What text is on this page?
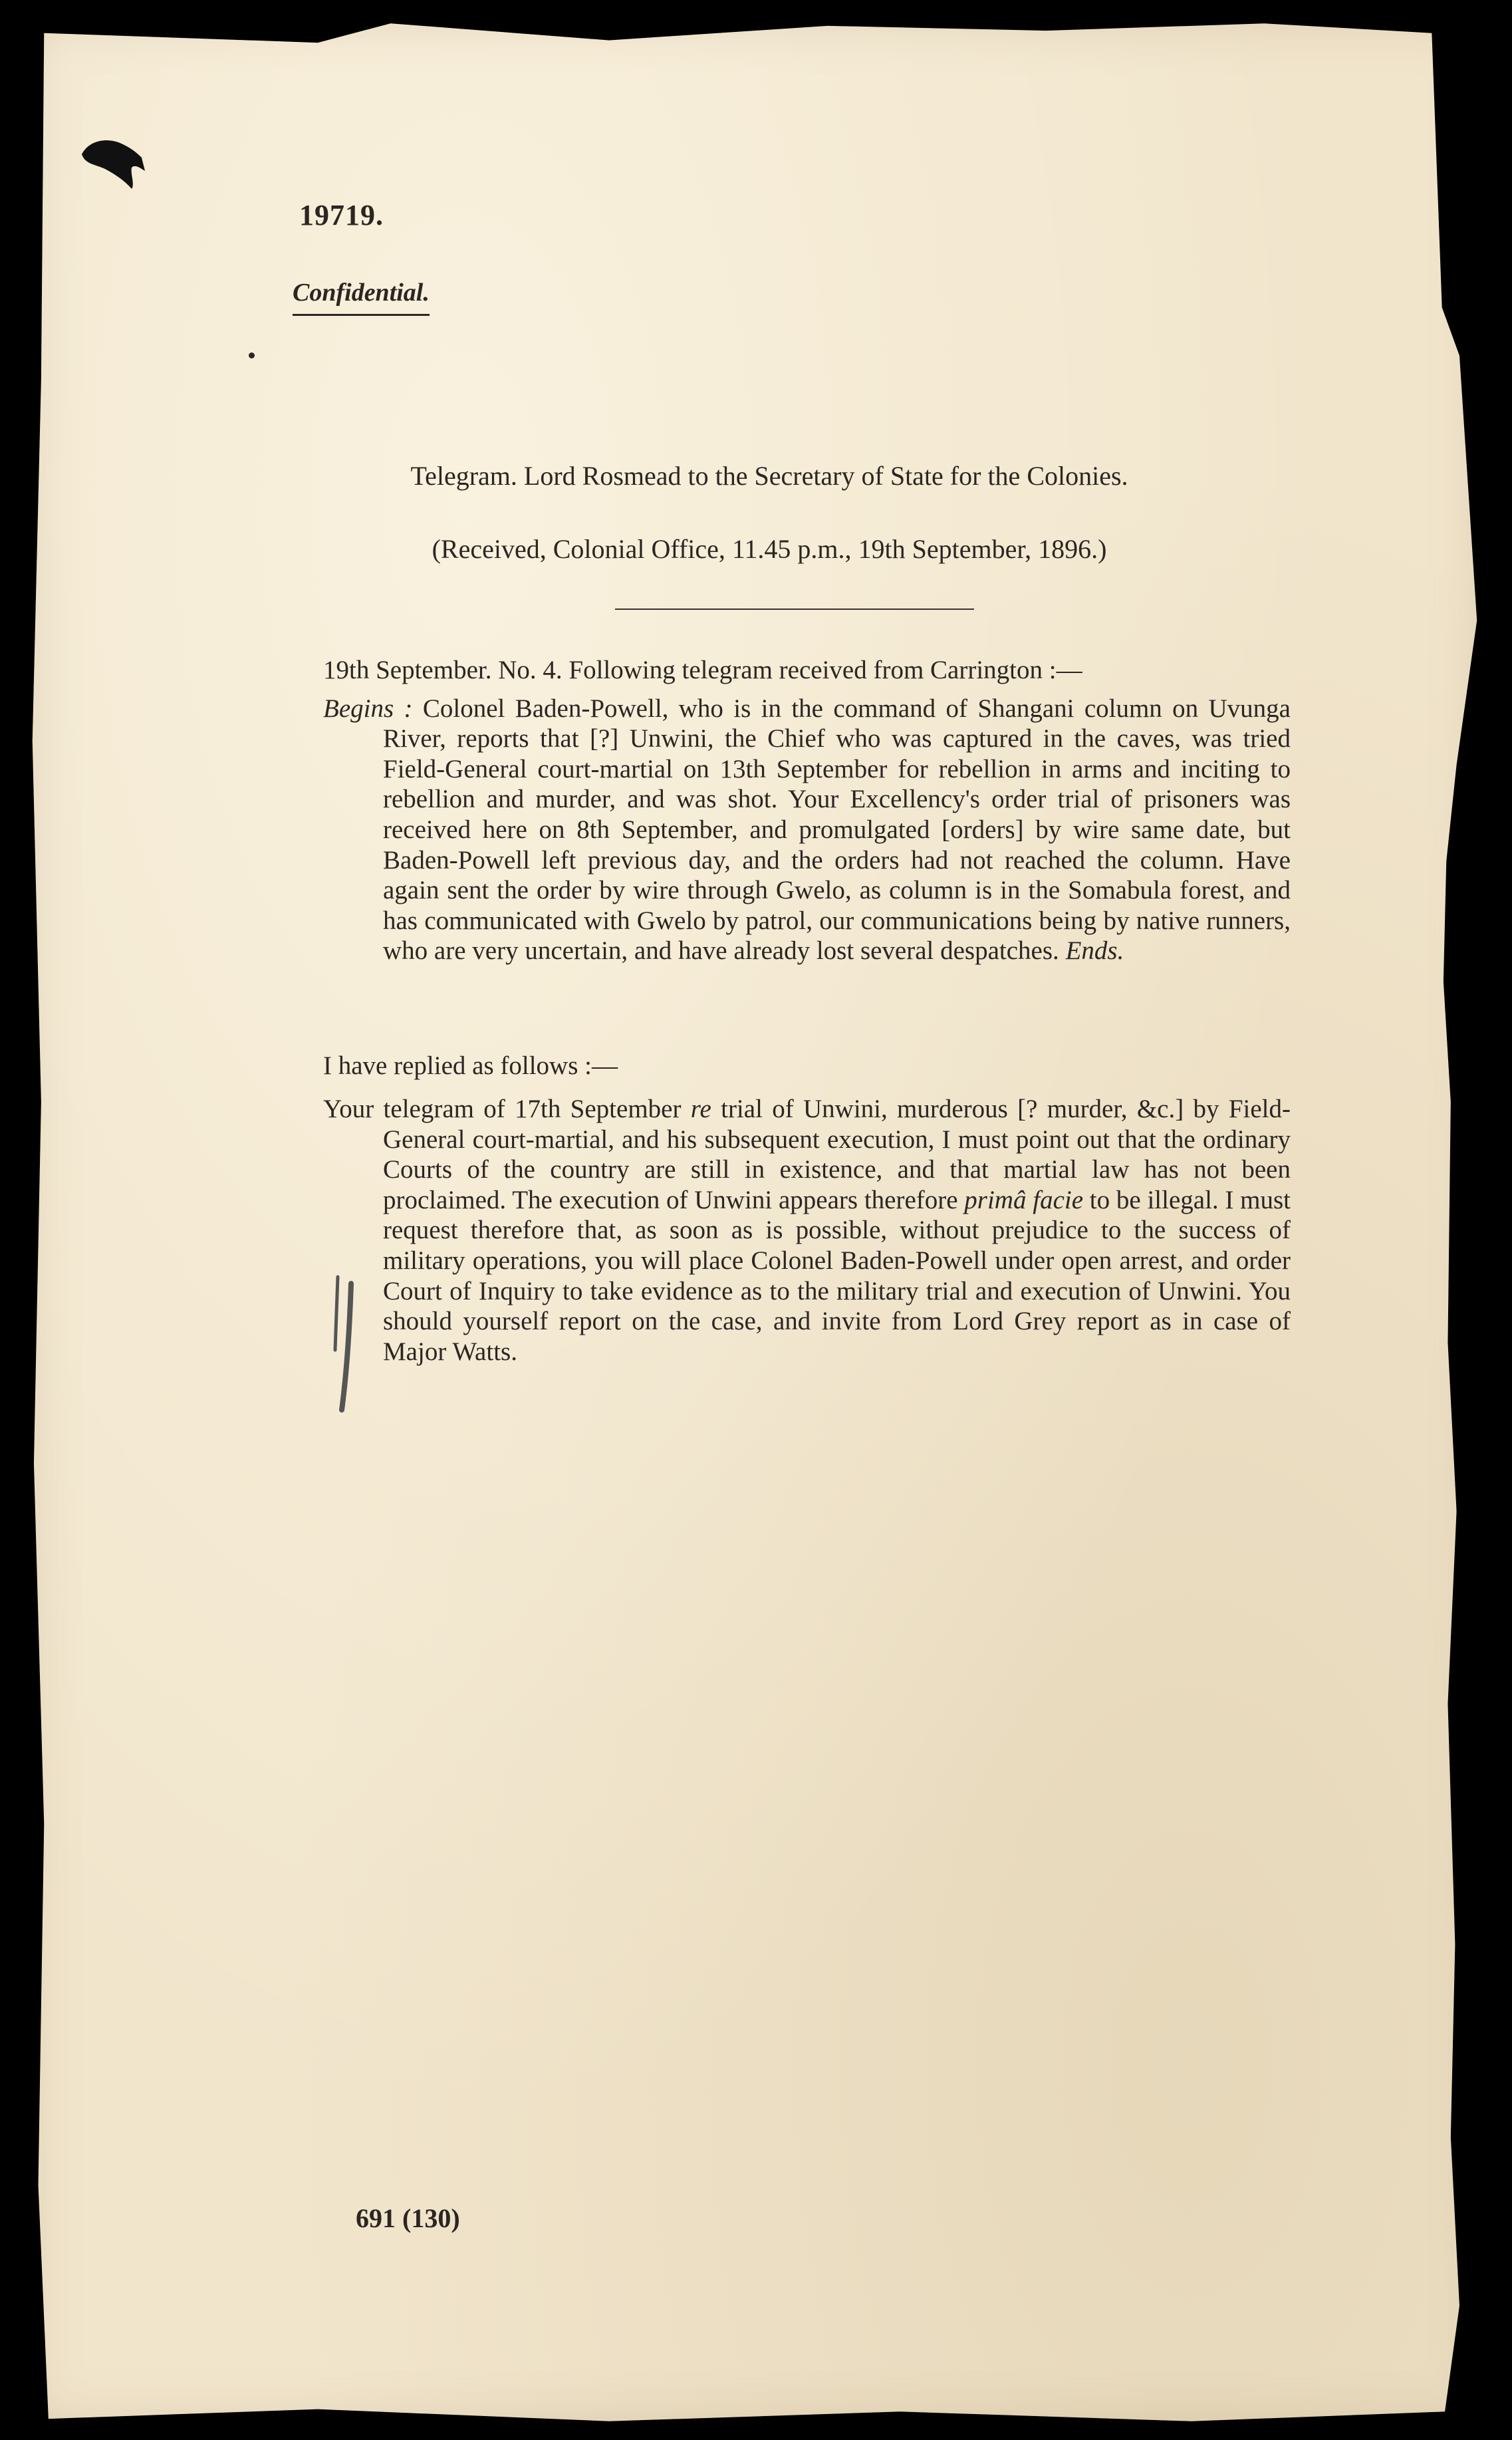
19719.
Confidential.
Telegram. Lord Rosmead to the Secretary of State for the Colonies.
(Received, Colonial Office, 11.45 p.m., 19th September, 1896.)

19th September. No. 4. Following telegram received from Carrington :—

Begins : Colonel Baden-Powell, who is in the command of Shangani column on Uvunga River, reports that [?] Unwini, the Chief who was captured in the caves, was tried Field-General court-martial on 13th September for rebellion in arms and inciting to rebellion and murder, and was shot. Your Excellency's order trial of prisoners was received here on 8th September, and promulgated [orders] by wire same date, but Baden-Powell left previous day, and the orders had not reached the column. Have again sent the order by wire through Gwelo, as column is in the Somabula forest, and has communicated with Gwelo by patrol, our communications being by native runners, who are very uncertain, and have already lost several despatches. Ends.

I have replied as follows :—

Your telegram of 17th September re trial of Unwini, murderous [? murder, &c.] by Field-General court-martial, and his subsequent execution, I must point out that the ordinary Courts of the country are still in existence, and that martial law has not been proclaimed. The execution of Unwini appears therefore primâ facie to be illegal. I must request therefore that, as soon as is possible, without prejudice to the success of military operations, you will place Colonel Baden-Powell under open arrest, and order Court of Inquiry to take evidence as to the military trial and execution of Unwini. You should yourself report on the case, and invite from Lord Grey report as in case of Major Watts.

691 (130)
